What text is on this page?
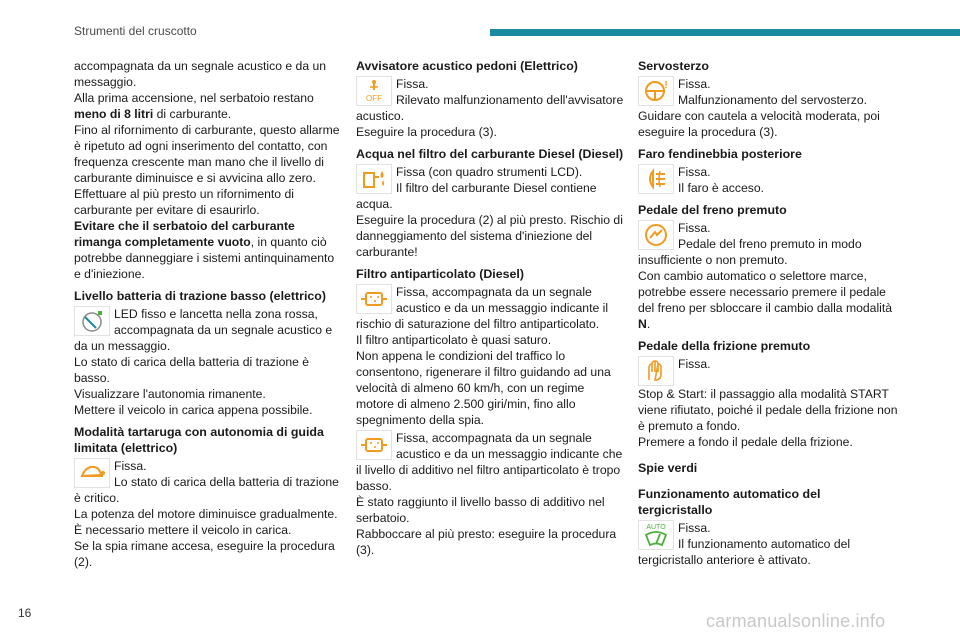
Strumenti del cruscotto

accompagnata da un segnale acustico e da un messaggio.

Alla prima accensione, nel serbatoio restano meno di 8 litri di carburante.

Fino al rifornimento di carburante, questo allarme è ripetuto ad ogni inserimento del contatto, con frequenza crescente man mano che il livello di carburante diminuisce e si avvicina allo zero.

Effettuare al più presto un rifornimento di carburante per evitare di esaurirlo.

Evitare che il serbatoio del carburante rimanga completamente vuoto, in quanto ciò potrebbe danneggiare i sistemi antinquinamento e d'iniezione.

Livello batteria di trazione basso (elettrico)
LED fisso e lancetta nella zona rossa, accompagnata da un segnale acustico e da un messaggio.
Lo stato di carica della batteria di trazione è basso.
Visualizzare l'autonomia rimanente.
Mettere il veicolo in carica appena possibile.
Modalità tartaruga con autonomia di guida limitata (elettrico)
Fissa.
Lo stato di carica della batteria di trazione è critico.
La potenza del motore diminuisce gradualmente.
È necessario mettere il veicolo in carica.
Se la spia rimane accesa, eseguire la procedura (2).
Avvisatore acustico pedoni (Elettrico)
OFF
Fissa.
Rilevato malfunzionamento dell'avvisatore acustico.
Eseguire la procedura (3).
Acqua nel filtro del carburante Diesel (Diesel)
Fissa (con quadro strumenti LCD).
Il filtro del carburante Diesel contiene acqua.
Eseguire la procedura (2) al più presto. Rischio di danneggiamento del sistema d'iniezione del carburante!
Filtro antiparticolato (Diesel)
Fissa, accompagnata da un segnale acustico e da un messaggio indicante il rischio di saturazione del filtro antiparticolato.
Il filtro antiparticolato è quasi saturo.
Non appena le condizioni del traffico lo consentono, rigenerare il filtro guidando ad una velocità di almeno 60 km/h, con un regime motore di almeno 2.500 giri/min, fino allo spegnimento della spia.
Fissa, accompagnata da un segnale acustico e da un messaggio indicante che il livello di additivo nel filtro antiparticolato è tropo basso.
È stato raggiunto il livello basso di additivo nel serbatoio.
Rabboccare al più presto: eseguire la procedura (3).
Servosterzo
! Fissa.
Malfunzionamento del servosterzo.
Guidare con cautela a velocità moderata, poi eseguire la procedura (3).
Faro fendinebbia posteriore
Fissa.
Il faro è acceso.
Pedale del freno premuto
Fissa.
Pedale del freno premuto in modo insufficiente o non premuto.
Con cambio automatico o selettore marce, potrebbe essere necessario premere il pedale del freno per sbloccare il cambio dalla modalità N.
Pedale della frizione premuto
Fissa.
Stop & Start: il passaggio alla modalità START viene rifiutato, poiché il pedale della frizione non è premuto a fondo.
Premere a fondo il pedale della frizione.
Spie verdi
Funzionamento automatico del tergicristallo
AUTO Fissa.
Il funzionamento automatico del tergicristallo anteriore è attivato.
16	carmanualsonline.info
